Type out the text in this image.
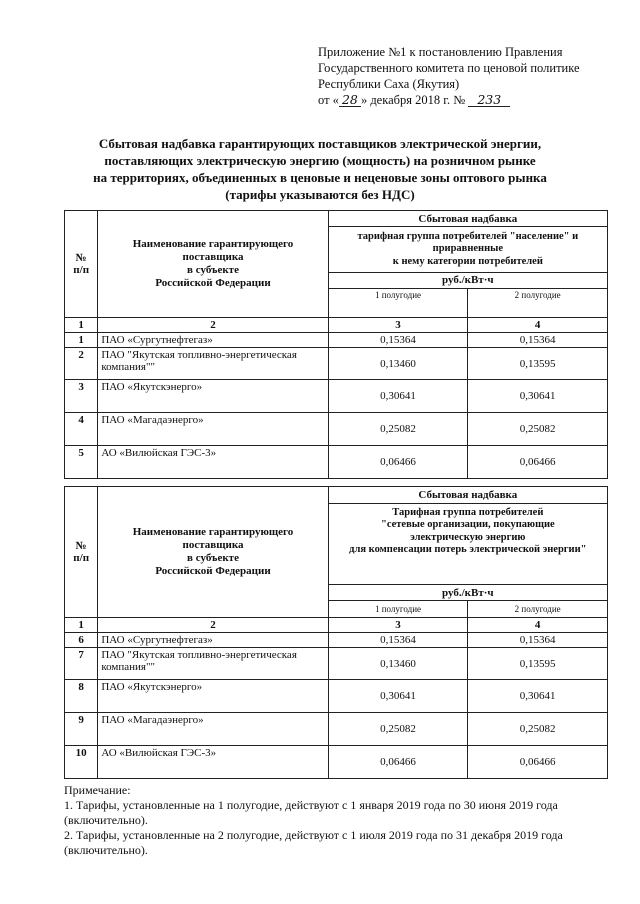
Приложение №1 к постановлению Правления
Государственного комитета по ценовой политике
Республики Саха (Якутия)
от « 28 » декабря 2018 г. № 233
Сбытовая надбавка гарантирующих поставщиков электрической энергии,
поставляющих электрическую энергию (мощность) на розничном рынке
на территориях, объединенных в ценовые и неценовые зоны оптового рынка
(тарифы указываются без НДС)
№
п/п	Наименование гарантирующего
поставщика
в субъекте
Российской Федерации	Сбытовая надбавка	

		тарифная группа потребителей "население" и
приравненные
к нему категории потребителей	

		руб./кВт·ч	
		1 полугодие	2 полугодие
1	2	3	4
1	ПАО «Сургутнефтегаз»	0,15364	0,15364
2	ПАО "Якутская топливно-энергетическая компания""	0,13460	0,13595
3	ПАО «Якутскэнерго»	0,30641	0,30641
4	ПАО «Магадаэнерго»	0,25082	0,25082
5	АО «Вилюйская ГЭС-3»	0,06466	0,06466
№
п/п	Наименование гарантирующего
поставщика
в субъекте
Российской Федерации	Сбытовая надбавка	

		Тарифная группа потребителей
"сетевые организации, покупающие
электрическую энергию
для компенсации потерь электрической энергии"	

		руб./кВт·ч	
		1 полугодие	2 полугодие
1	2	3	4
6	ПАО «Сургутнефтегаз»	0,15364	0,15364
7	ПАО "Якутская топливно-энергетическая компания""	0,13460	0,13595
8	ПАО «Якутскэнерго»	0,30641	0,30641
9	ПАО «Магадаэнерго»	0,25082	0,25082
10	АО «Вилюйская ГЭС-3»	0,06466	0,06466
Примечание:
1. Тарифы, установленные на 1 полугодие, действуют с 1 января 2019 года по 30 июня 2019 года
(включительно).
2. Тарифы, установленные на 2 полугодие, действуют с 1 июля 2019 года по 31 декабря 2019 года
(включительно).
